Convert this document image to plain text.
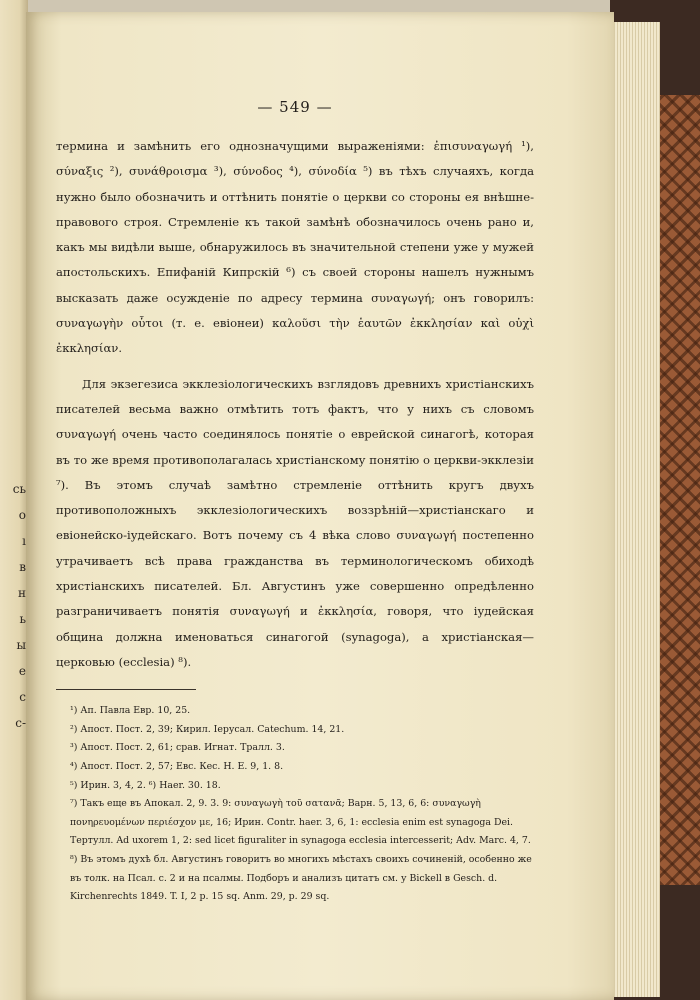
сь
о
ı
в
н
ь
ы
е
с
с-
— 549 —

термина и замѣнить его однозначущими выраженіями: ἐπισυναγωγή ¹), σύναξις ²), συνάθροισμα ³), σύνοδος ⁴), σύνοδία ⁵) въ тѣхъ случаяхъ, когда нужно было обозначить и оттѣнить понятіе о церкви со стороны ея внѣшне-правового строя. Стремленіе къ такой замѣнѣ обозначилось очень рано и, какъ мы видѣли выше, обнаружилось въ значительной степени уже у мужей апостольскихъ. Епифаній Кипрскій ⁶) съ своей стороны нашелъ нужнымъ высказать даже осужденіе по адресу термина συναγωγή; онъ говорилъ: συναγωγὴν οὗτοι (т. е. евіонеи) καλοῦσι τὴν ἑαυτῶν ἐκκλησίαν καὶ οὐχὶ ἐκκλησίαν.

Для экзегезиса экклезіологическихъ взглядовъ древнихъ христіанскихъ писателей весьма важно отмѣтить тотъ фактъ, что у нихъ съ словомъ συναγωγή очень часто соединялось понятіе о еврейской синагогѣ, которая въ то же время противополагалась христіанскому понятію о церкви-экклезіи ⁷). Въ этомъ случаѣ замѣтно стремленіе оттѣнить кругъ двухъ противоположныхъ экклезіологическихъ воззрѣній—христіанскаго и евіонейско-іудейскаго. Вотъ почему съ 4 вѣка слово συναγωγή постепенно утрачиваетъ всѣ права гражданства въ терминологическомъ обиходѣ христіанскихъ писателей. Бл. Августинъ уже совершенно опредѣленно разграничиваетъ понятія συναγωγή и ἐκκλησία, говоря, что іудейская община должна именоваться синагогой (synagoga), а христіанская—церковью (ecclesia) ⁸).

¹) Ап. Павла Евр. 10, 25.

²) Апост. Пост. 2, 39; Кирил. Іерусал. Catechum. 14, 21.

³) Апост. Пост. 2, 61; срав. Игнат. Тралл. 3.

⁴) Апост. Пост. 2, 57; Евс. Кес. Н. Е. 9, 1. 8.

⁵) Ирин. 3, 4, 2. ⁶) Haer. 30. 18.

⁷) Такъ еще въ Апокал. 2, 9. 3. 9: συναγωγὴ τοῦ σατανᾶ; Варн. 5, 13, 6, 6: συναγωγὴ πονηρευομένων περιέσχον με, 16; Ирин. Contr. haer. 3, 6, 1: ecclesia enim est synagoga Dei. Тертулл. Ad uxorem 1, 2: sed licet figuraliter in synagoga ecclesia intercesserit; Adv. Marc. 4, 7.

⁸) Въ этомъ духѣ бл. Августинъ говоритъ во многихъ мѣстахъ своихъ сочиненій, особенно же въ толк. на Псал. с. 2 и на псалмы. Подборъ и анализъ цитатъ см. у Bickell в Gesch. d. Kirchenrechts 1849. T. I, 2 p. 15 sq. Anm. 29, p. 29 sq.
